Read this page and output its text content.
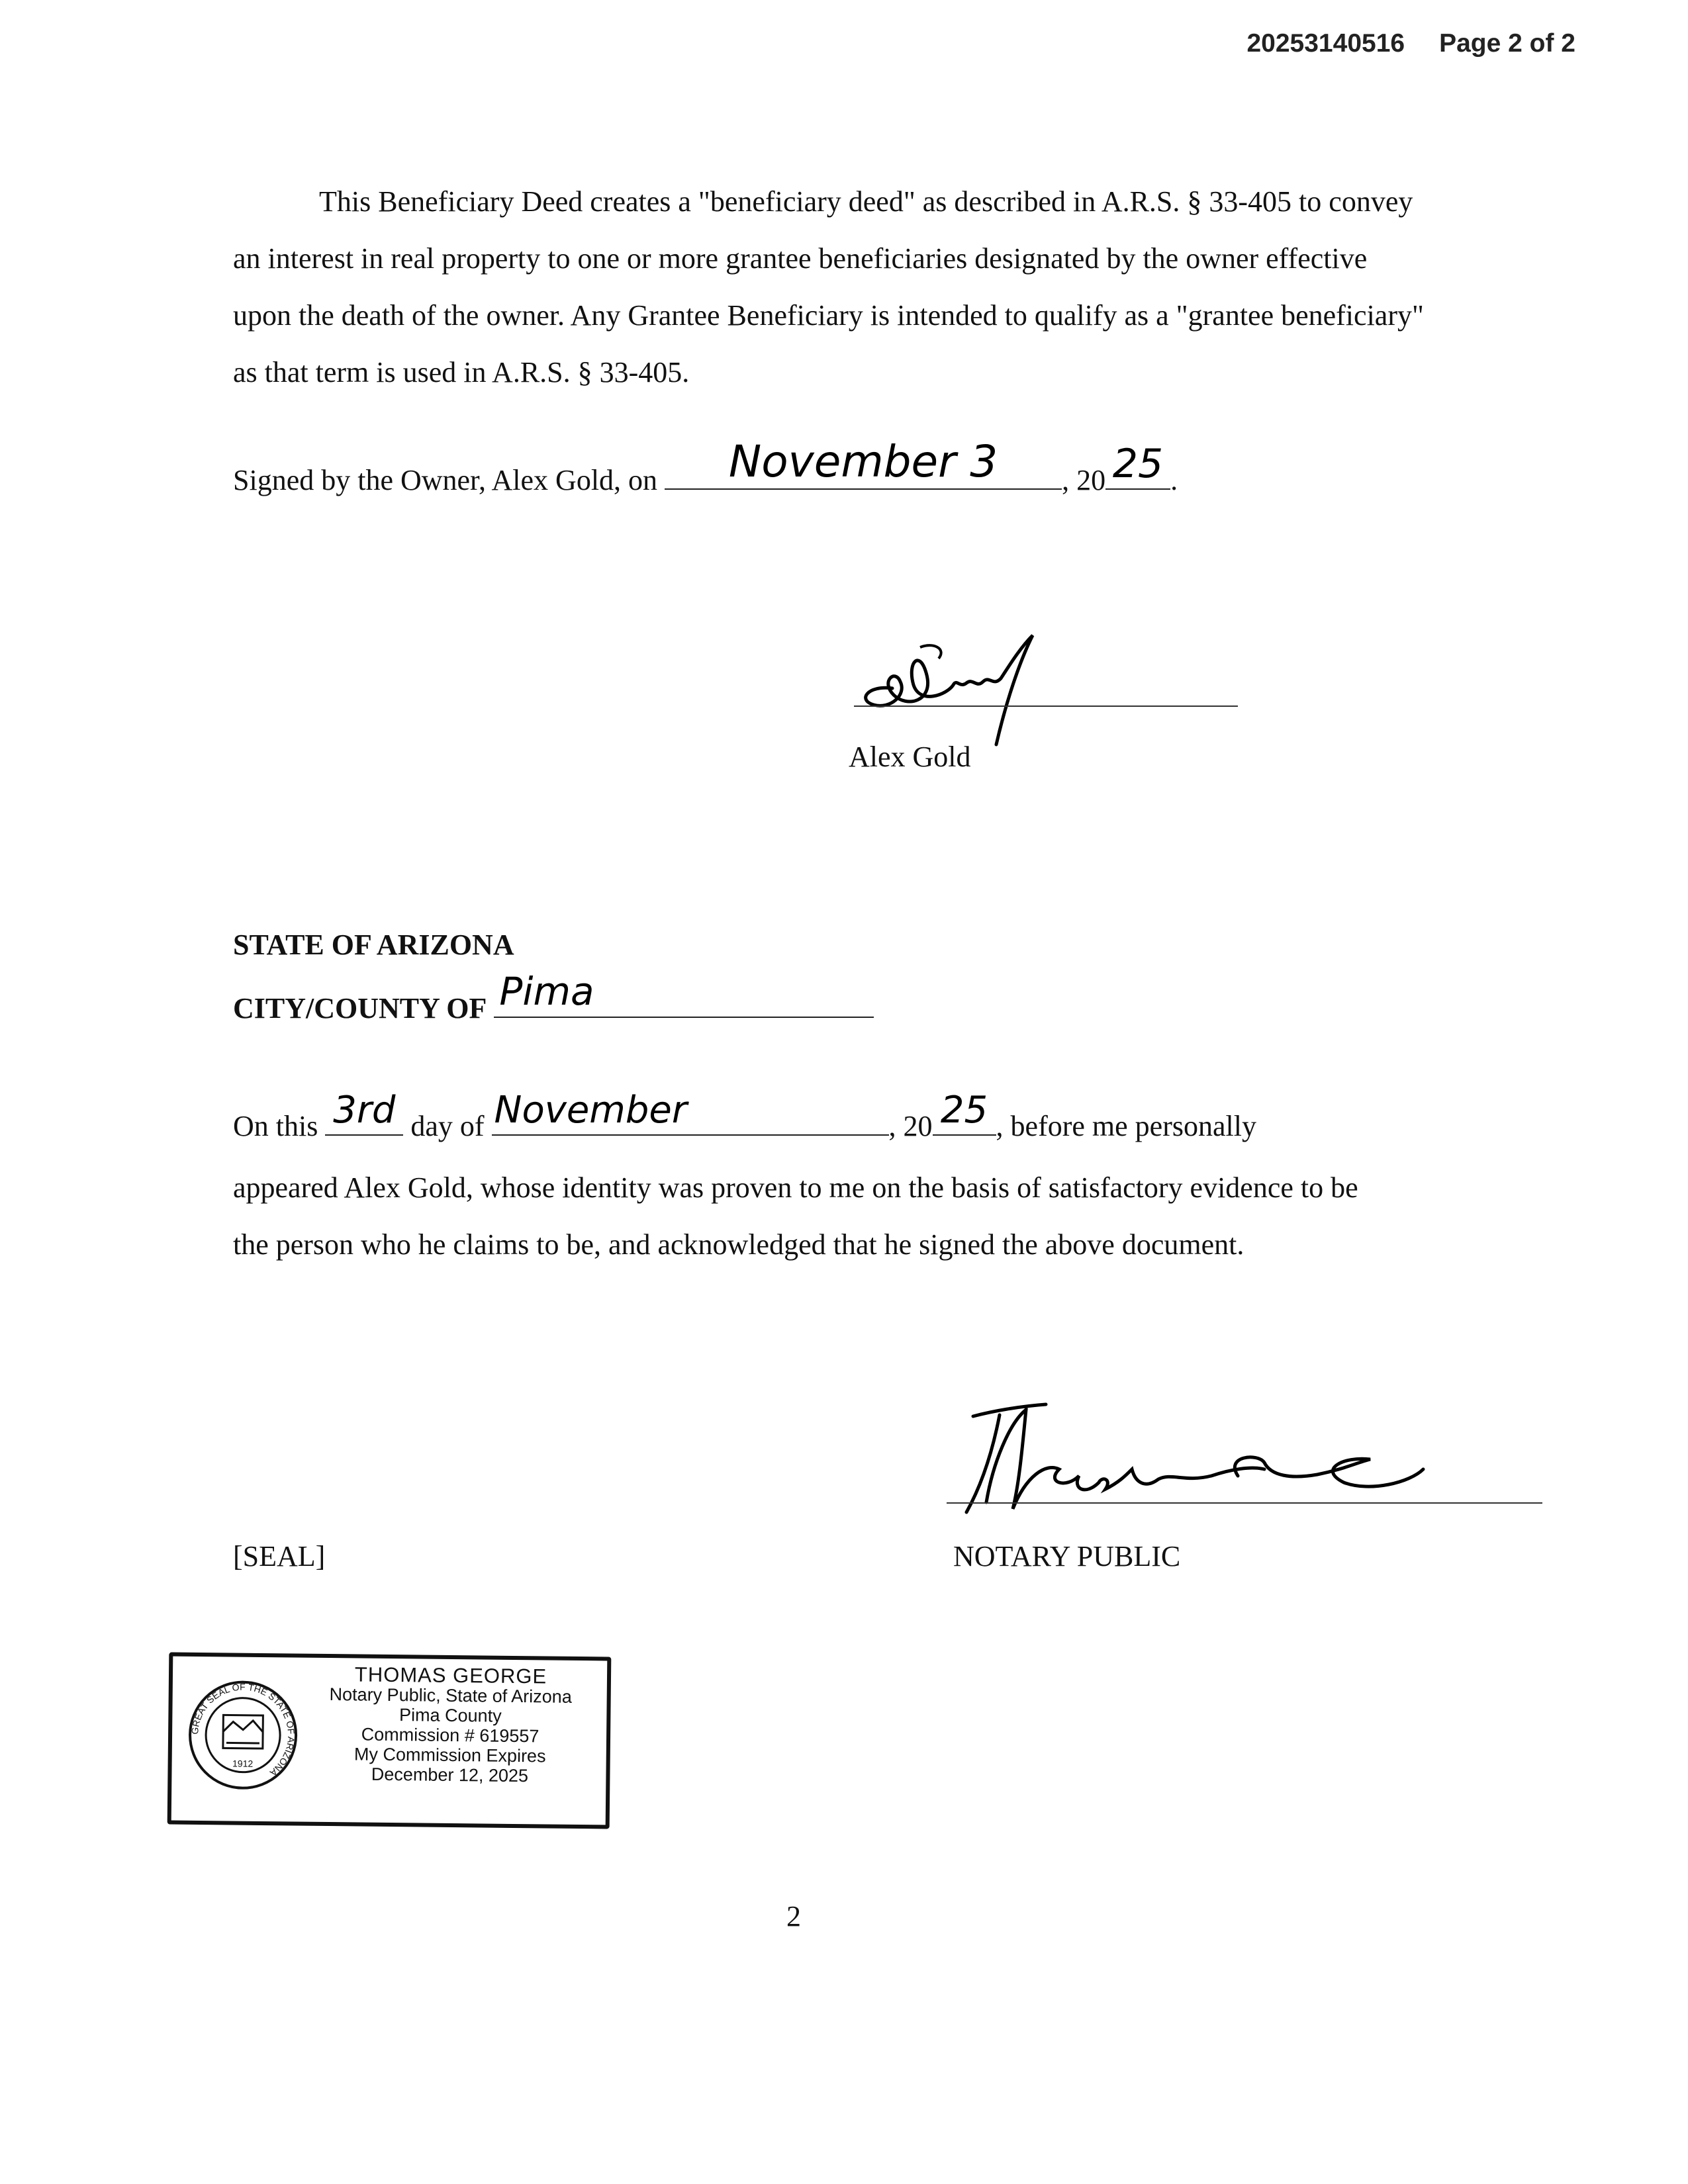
20253140516 Page 2 of 2
This Beneficiary Deed creates a "beneficiary deed" as described in A.R.S. § 33-405 to convey an interest in real property to one or more grantee beneficiaries designated by the owner effective upon the death of the owner. Any Grantee Beneficiary is intended to qualify as a "grantee beneficiary" as that term is used in A.R.S. § 33-405.
Signed by the Owner, Alex Gold, on	November 3	, 20 25 .
Alex Gold
STATE OF ARIZONA
CITY/COUNTY OF Pima
On this 3rd day of November	, 20 25 , before me personally
appeared Alex Gold, whose identity was proven to me on the basis of satisfactory evidence to be the person who he claims to be, and acknowledged that he signed the above document.
[SEAL]	NOTARY PUBLIC
GREAT SEAL OF THE STATE OF ARIZONA
1912
THOMAS GEORGE
Notary Public, State of Arizona
Pima County
Commission # 619557
My Commission Expires
December 12, 2025
2
